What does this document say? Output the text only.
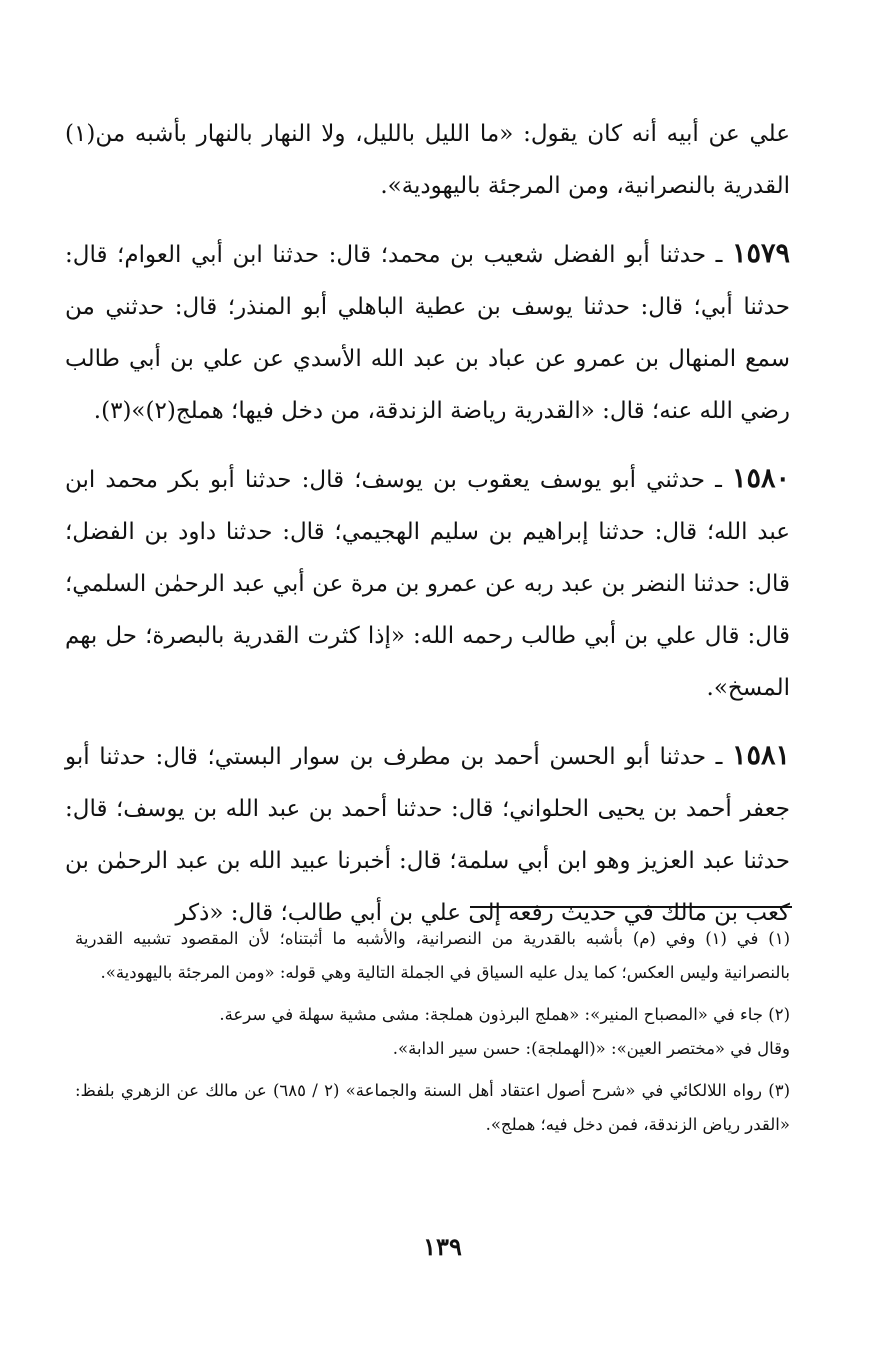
علي عن أبيه أنه كان يقول: «ما الليل بالليل، ولا النهار بالنهار بأشبه من(١) القدرية بالنصرانية، ومن المرجئة باليهودية».

١٥٧٩ ـ حدثنا أبو الفضل شعيب بن محمد؛ قال: حدثنا ابن أبي العوام؛ قال: حدثنا أبي؛ قال: حدثنا يوسف بن عطية الباهلي أبو المنذر؛ قال: حدثني من سمع المنهال بن عمرو عن عباد بن عبد الله الأسدي عن علي بن أبي طالب رضي الله عنه؛ قال: «القدرية رياضة الزندقة، من دخل فيها؛ هملج(٢)»(٣).

١٥٨٠ ـ حدثني أبو يوسف يعقوب بن يوسف؛ قال: حدثنا أبو بكر محمد ابن عبد الله؛ قال: حدثنا إبراهيم بن سليم الهجيمي؛ قال: حدثنا داود بن الفضل؛ قال: حدثنا النضر بن عبد ربه عن عمرو بن مرة عن أبي عبد الرحمٰن السلمي؛ قال: قال علي بن أبي طالب رحمه الله: «إذا كثرت القدرية بالبصرة؛ حل بهم المسخ».

١٥٨١ ـ حدثنا أبو الحسن أحمد بن مطرف بن سوار البستي؛ قال: حدثنا أبو جعفر أحمد بن يحيى الحلواني؛ قال: حدثنا أحمد بن عبد الله بن يوسف؛ قال: حدثنا عبد العزيز وهو ابن أبي سلمة؛ قال: أخبرنا عبيد الله بن عبد الرحمٰن بن كعب بن مالك في حديث رفعه إلى علي بن أبي طالب؛ قال: «ذكر

(١) في (١) وفي (م) بأشبه بالقدرية من النصرانية، والأشبه ما أثبتناه؛ لأن المقصود تشبيه القدرية بالنصرانية وليس العكس؛ كما يدل عليه السياق في الجملة التالية وهي قوله: «ومن المرجئة باليهودية».

(٢) جاء في «المصباح المنير»: «هملج البرذون هملجة: مشى مشية سهلة في سرعة.
وقال في «مختصر العين»: «(الهملجة): حسن سير الدابة».

(٣) رواه اللالكائي في «شرح أصول اعتقاد أهل السنة والجماعة» (٢ / ٦٨٥) عن مالك عن الزهري بلفظ: «القدر رياض الزندقة، فمن دخل فيه؛ هملج».

١٣٩
